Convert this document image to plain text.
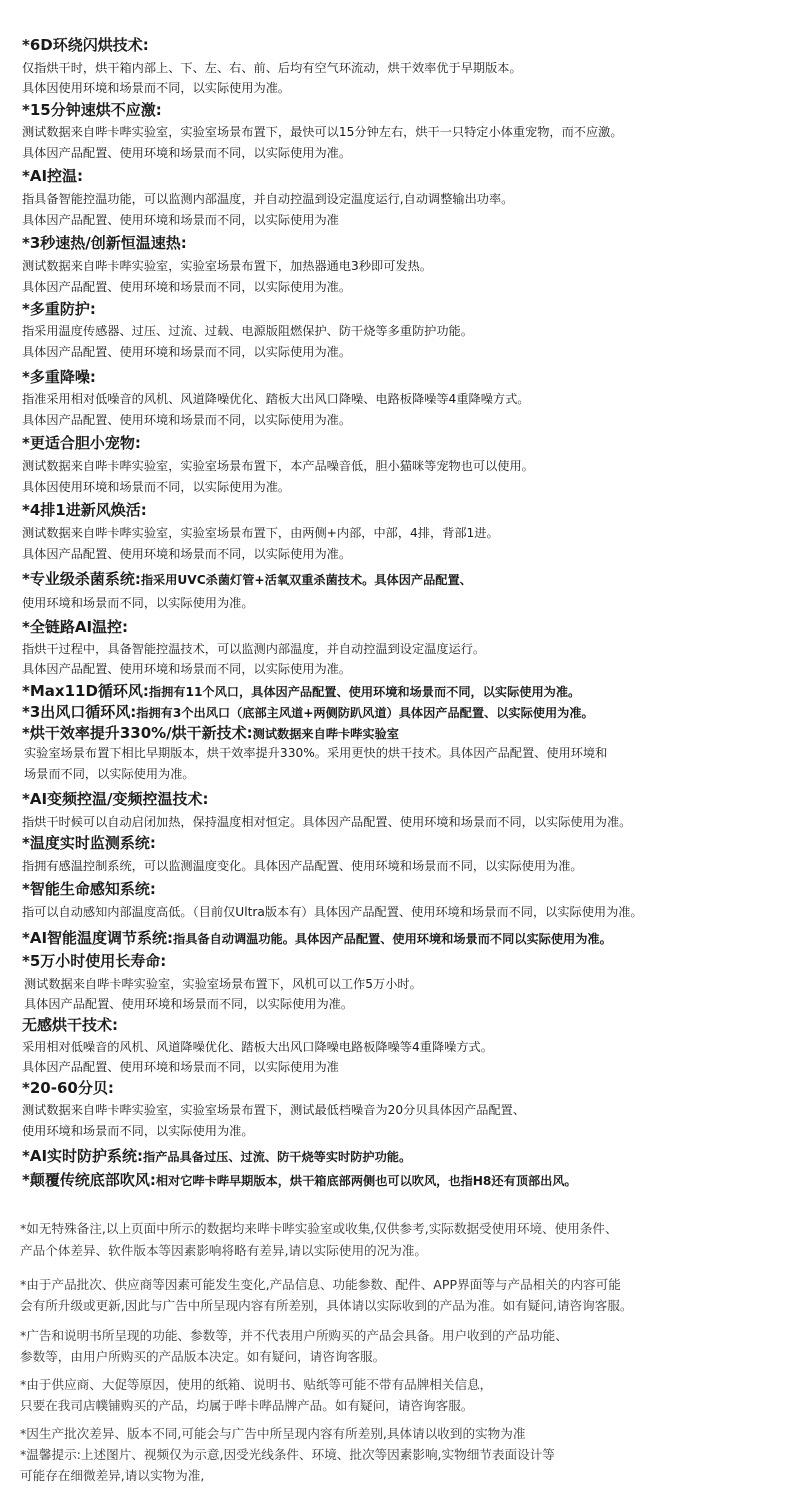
*6D环绕闪烘技术:
仅指烘干时，烘干箱内部上、下、左、右、前、后均有空气环流动，烘干效率优于早期版本。
具体因使用环境和场景而不同，以实际使用为准。
*15分钟速烘不应激:
测试数据来自哔卡哔实验室，实验室场景布置下，最快可以15分钟左右，烘干一只特定小体重宠物，而不应激。
具体因产品配置、使用环境和场景而不同，以实际使用为准。
*AI控温:
指具备智能控温功能，可以监测内部温度，并自动控温到设定温度运行,自动调整输出功率。
具体因产品配置、使用环境和场景而不同，以实际使用为准
*3秒速热/创新恒温速热:
测试数据来自哔卡哔实验室，实验室场景布置下，加热器通电3秒即可发热。
具体因产品配置、使用环境和场景而不同，以实际使用为准。
*多重防护:
指采用温度传感器、过压、过流、过载、电源版阻燃保护、防干烧等多重防护功能。
具体因产品配置、使用环境和场景而不同，以实际使用为准。
*多重降噪:
指准采用相对低噪音的风机、风道降噪优化、踏板大出风口降噪、电路板降噪等4重降噪方式。
具体因产品配置、使用环境和场景而不同，以实际使用为准。
*更适合胆小宠物:
测试数据来自哔卡哔实验室，实验室场景布置下，本产品噪音低，胆小猫咪等宠物也可以使用。
具体因使用环境和场景而不同，以实际使用为准。
*4排1进新风焕活:
测试数据来自哔卡哔实验室，实验室场景布置下，由两侧+内部，中部，4排，背部1进。
具体因产品配置、使用环境和场景而不同，以实际使用为准。
*专业级杀菌系统:指采用UVC杀菌灯管+活氧双重杀菌技术。具体因产品配置、
使用环境和场景而不同，以实际使用为准。
*全链路AI温控:
指烘干过程中，具备智能控温技术，可以监测内部温度，并自动控温到设定温度运行。
具体因产品配置、使用环境和场景而不同，以实际使用为准。
*Max11D循环风:指拥有11个风口，具体因产品配置、使用环境和场景而不同，以实际使用为准。
*3出风口循环风:指拥有3个出风口（底部主风道+两侧防趴风道）具体因产品配置、以实际使用为准。
*烘干效率提升330%/烘干新技术:测试数据来自哔卡哔实验室
实验室场景布置下相比早期版本，烘干效率提升330%。采用更快的烘干技术。具体因产品配置、使用环境和
场景而不同，以实际使用为准。
*AI变频控温/变频控温技术:
指烘干时候可以自动启闭加热，保持温度相对恒定。具体因产品配置、使用环境和场景而不同，以实际使用为准。
*温度实时监测系统:
指拥有感温控制系统，可以监测温度变化。具体因产品配置、使用环境和场景而不同，以实际使用为准。
*智能生命感知系统:
指可以自动感知内部温度高低。（目前仅Ultra版本有）具体因产品配置、使用环境和场景而不同，以实际使用为准。
*AI智能温度调节系统:指具备自动调温功能。具体因产品配置、使用环境和场景而不同以实际使用为准。
*5万小时使用长寿命:
测试数据来自哔卡哔实验室，实验室场景布置下，风机可以工作5万小时。
具体因产品配置、使用环境和场景而不同，以实际使用为准。
无感烘干技术:
采用相对低噪音的风机、风道降噪优化、踏板大出风口降噪电路板降噪等4重降噪方式。
具体因产品配置、使用环境和场景而不同，以实际使用为准
*20-60分贝:
测试数据来自哔卡哔实验室，实验室场景布置下，测试最低档噪音为20分贝具体因产品配置、
使用环境和场景而不同，以实际使用为准。
*AI实时防护系统:指产品具备过压、过流、防干烧等实时防护功能。
*颠覆传统底部吹风:相对它哔卡哔早期版本，烘干箱底部两侧也可以吹风，也指H8还有顶部出风。
*如无特殊备注,以上页面中所示的数据均来哔卡哔实验室或收集,仅供参考,实际数据受使用环境、使用条件、
产品个体差异、软件版本等因素影响将略有差异,请以实际使用的况为准。
*由于产品批次、供应商等因素可能发生变化,产品信息、功能参数、配件、APP界面等与产品相关的内容可能
会有所升级或更新,因此与广告中所呈现内容有所差别，具体请以实际收到的产品为准。如有疑问,请咨询客服。
*广告和说明书所呈现的功能、参数等，并不代表用户所购买的产品会具备。用户收到的产品功能、
参数等，由用户所购买的产品版本决定。如有疑问，请咨询客服。
*由于供应商、大促等原因，使用的纸箱、说明书、贴纸等可能不带有品牌相关信息，
只要在我司店幞铺购买的产品，均属于哔卡哔品牌产品。如有疑问，请咨询客服。
*因生产批次差异、版本不同,可能会与广告中所呈现内容有所差别,具体请以收到的实物为准
*温馨提示:上述图片、视频仅为示意,因受光线条件、环境、批次等因素影响,实物细节表面设计等
可能存在细微差异,请以实物为准,
